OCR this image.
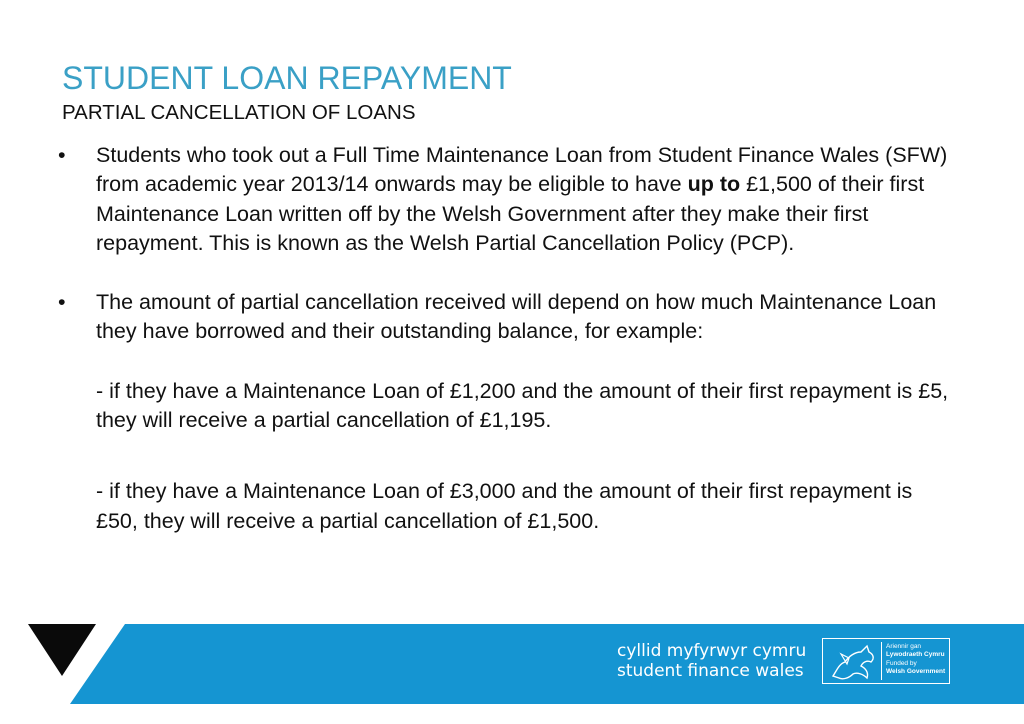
STUDENT LOAN REPAYMENT
PARTIAL CANCELLATION OF LOANS
• Students who took out a Full Time Maintenance Loan from Student Finance Wales (SFW) from academic year 2013/14 onwards may be eligible to have up to £1,500 of their first Maintenance Loan written off by the Welsh Government after they make their first repayment. This is known as the Welsh Partial Cancellation Policy (PCP).
• The amount of partial cancellation received will depend on how much Maintenance Loan they have borrowed and their outstanding balance, for example:
- if they have a Maintenance Loan of £1,200 and the amount of their first repayment is £5, they will receive a partial cancellation of £1,195.
- if they have a Maintenance Loan of £3,000 and the amount of their first repayment is £50, they will receive a partial cancellation of £1,500.
cyllid myfyrwyr cymru
student finance wales
Ariennir gan
Lywodraeth Cymru
Funded by
Welsh Government
